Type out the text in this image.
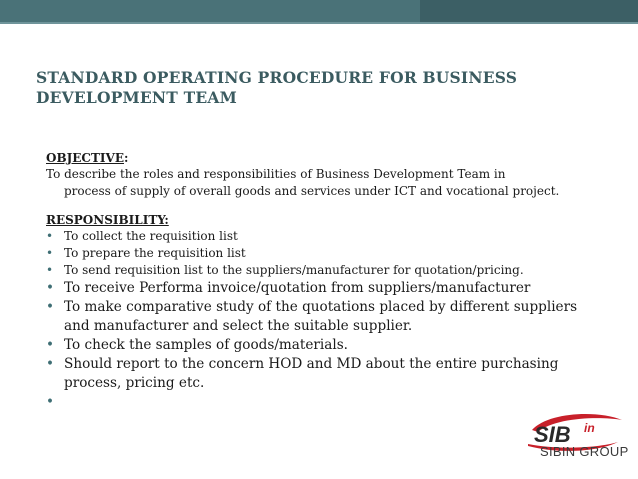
STANDARD OPERATING PROCEDURE FOR BUSINESS
DEVELOPMENT TEAM
OBJECTIVE:
To describe the roles and responsibilities of Business Development Team in
process of supply of overall goods and services under ICT and vocational project.
RESPONSIBILITY:
• To collect the requisition list
• To prepare the requisition list
• To send requisition list to the suppliers/manufacturer for quotation/pricing.
• To receive Performa invoice/quotation from suppliers/manufacturer
• To make comparative study of the quotations placed by different suppliers
and manufacturer and select the suitable supplier.
• To check the samples of goods/materials.
• Should report to the concern HOD and MD about the entire purchasing
process, pricing etc.
•

SIB in
SIBIN GROUP
